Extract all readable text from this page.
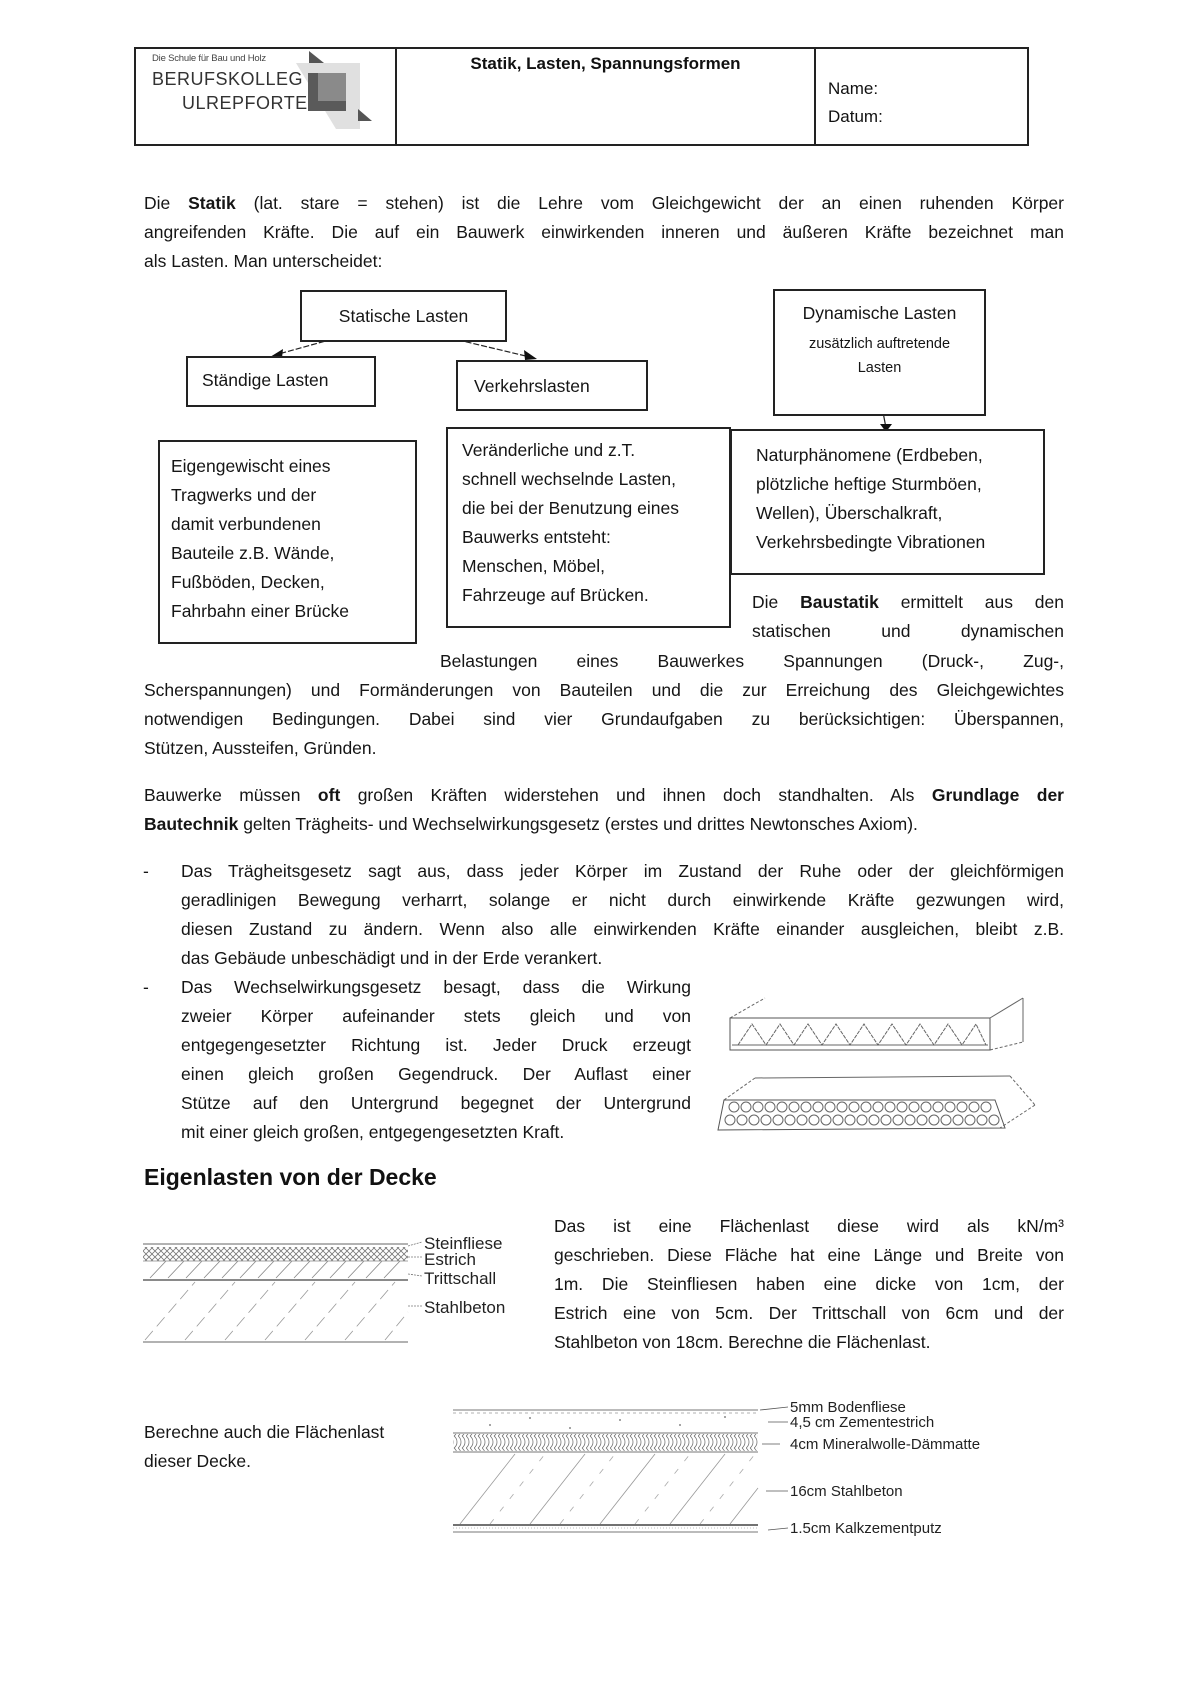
Die Schule für Bau und Holz
BERUFSKOLLEG
ULREPFORTE
Statik, Lasten, Spannungsformen
Name:
Datum:
Die Statik (lat. stare = stehen) ist die Lehre vom Gleichgewicht der an einen ruhenden Körper
angreifenden Kräfte. Die auf ein Bauwerk einwirkenden inneren und äußeren Kräfte bezeichnet man
als Lasten. Man unterscheidet:
Statische Lasten
Ständige Lasten	Verkehrslasten
Dynamische Lasten
zusätzlich auftretende
Lasten
Eigengewischt eines
Tragwerks und der
damit verbundenen
Bauteile z.B. Wände,
Fußböden, Decken,
Fahrbahn einer Brücke
Veränderliche und z.T.
schnell wechselnde Lasten,
die bei der Benutzung eines
Bauwerks entsteht:
Menschen, Möbel,
Fahrzeuge auf Brücken.
Naturphänomene (Erdbeben,
plötzliche heftige Sturmböen,
Wellen), Überschalkraft,
Verkehrsbedingte Vibrationen
Die Baustatik ermittelt aus den
statischen und dynamischen
Belastungen eines Bauwerkes Spannungen (Druck-, Zug-,
Scherspannungen) und Formänderungen von Bauteilen und die zur Erreichung des Gleichgewichtes
notwendigen Bedingungen. Dabei sind vier Grundaufgaben zu berücksichtigen: Überspannen,
Stützen, Aussteifen, Gründen.
Bauwerke müssen oft großen Kräften widerstehen und ihnen doch standhalten. Als Grundlage der
Bautechnik gelten Trägheits- und Wechselwirkungsgesetz (erstes und drittes Newtonsches Axiom).
- Das Trägheitsgesetz sagt aus, dass jeder Körper im Zustand der Ruhe oder der gleichförmigen
geradlinigen Bewegung verharrt, solange er nicht durch einwirkende Kräfte gezwungen wird,
diesen Zustand zu ändern. Wenn also alle einwirkenden Kräfte einander ausgleichen, bleibt z.B.
das Gebäude unbeschädigt und in der Erde verankert.
- Das Wechselwirkungsgesetz besagt, dass die Wirkung
zweier Körper aufeinander stets gleich und von
entgegengesetzter Richtung ist. Jeder Druck erzeugt
einen gleich großen Gegendruck. Der Auflast einer
Stütze auf den Untergrund begegnet der Untergrund
mit einer gleich großen, entgegengesetzten Kraft.
Eigenlasten von der Decke
Steinfliese
Estrich
Trittschall
Stahlbeton
Das ist eine Flächenlast diese wird als kN/m³
geschrieben. Diese Fläche hat eine Länge und Breite von
1m. Die Steinfliesen haben eine dicke von 1cm, der
Estrich eine von 5cm. Der Trittschall von 6cm und der
Stahlbeton von 18cm. Berechne die Flächenlast.
Berechne auch die Flächenlast
dieser Decke.
5mm Bodenfliese
4,5 cm Zementestrich
4cm Mineralwolle-Dämmatte
16cm Stahlbeton
1.5cm Kalkzementputz
